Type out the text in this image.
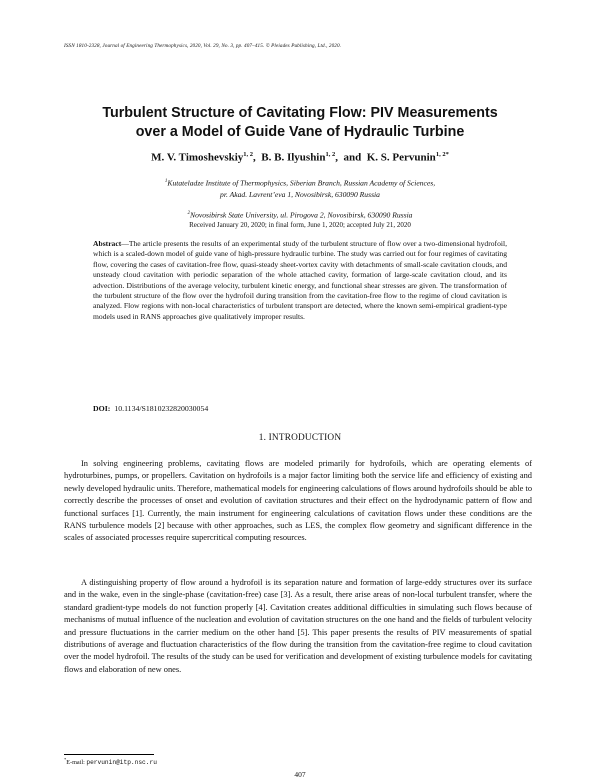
ISSN 1810-2328, Journal of Engineering Thermophysics, 2020, Vol. 29, No. 3, pp. 407–415. © Pleiades Publishing, Ltd., 2020.
Turbulent Structure of Cavitating Flow: PIV Measurements
over a Model of Guide Vane of Hydraulic Turbine
M. V. Timoshevskiy$^{1, 2}$,  B. B. Ilyushin$^{1, 2}$,  and K. S. Pervunin$^{1, 2*}$
$^1$Kutateladze Institute of Thermophysics, Siberian Branch, Russian Academy of Sciences,
pr. Akad. Lavrent’eva 1, Novosibirsk, 630090 Russia
$^2$Novosibirsk State University, ul. Pirogova 2, Novosibirsk, 630090 Russia
Received January 20, 2020; in final form, June 1, 2020; accepted July 21, 2020
Abstract—The article presents the results of an experimental study of the turbulent structure of flow over a two-dimensional hydrofoil, which is a scaled-down model of guide vane of high-pressure hydraulic turbine. The study was carried out for four regimes of cavitating flow, covering the cases of cavitation-free flow, quasi-steady sheet-vortex cavity with detachments of small-scale cavitation clouds, and unsteady cloud cavitation with periodic separation of the whole attached cavity, formation of large-scale cavitation cloud, and its advection. Distributions of the average velocity, turbulent kinetic energy, and functional shear stresses are given. The transformation of the turbulent structure of the flow over the hydrofoil during transition from the cavitation-free flow to the regime of cloud cavitation is analyzed. Flow regions with non-local characteristics of turbulent transport are detected, where the known semi-empirical gradient-type models used in RANS approaches give qualitatively improper results.
DOI: 10.1134/S1810232820030054
1. INTRODUCTION
In solving engineering problems, cavitating flows are modeled primarily for hydrofoils, which are operating elements of hydroturbines, pumps, or propellers. Cavitation on hydrofoils is a major factor limiting both the service life and efficiency of existing and newly developed hydraulic units. Therefore, mathematical models for engineering calculations of flows around hydrofoils should be able to correctly describe the processes of onset and evolution of cavitation structures and their effect on the hydrodynamic pattern of flow and functional surfaces [1]. Currently, the main instrument for engineering calculations of cavitation flows under these conditions are the RANS turbulence models [2] because with other approaches, such as LES, the complex flow geometry and significant difference in the scales of associated processes require supercritical computing resources.
A distinguishing property of flow around a hydrofoil is its separation nature and formation of large-eddy structures over its surface and in the wake, even in the single-phase (cavitation-free) case [3]. As a result, there arise areas of non-local turbulent transfer, where the standard gradient-type models do not function properly [4]. Cavitation creates additional difficulties in simulating such flows because of mechanisms of mutual influence of the nucleation and evolution of cavitation structures on the one hand and the fields of turbulent velocity and pressure fluctuations in the carrier medium on the other hand [5]. This paper presents the results of PIV measurements of spatial distributions of average and fluctuation characteristics of the flow during the transition from the cavitation-free regime to cloud cavitation over the model hydrofoil. The results of the study can be used for verification and development of existing turbulence models for cavitating flows and elaboration of new ones.
*E-mail: pervunin@itp.nsc.ru
407
